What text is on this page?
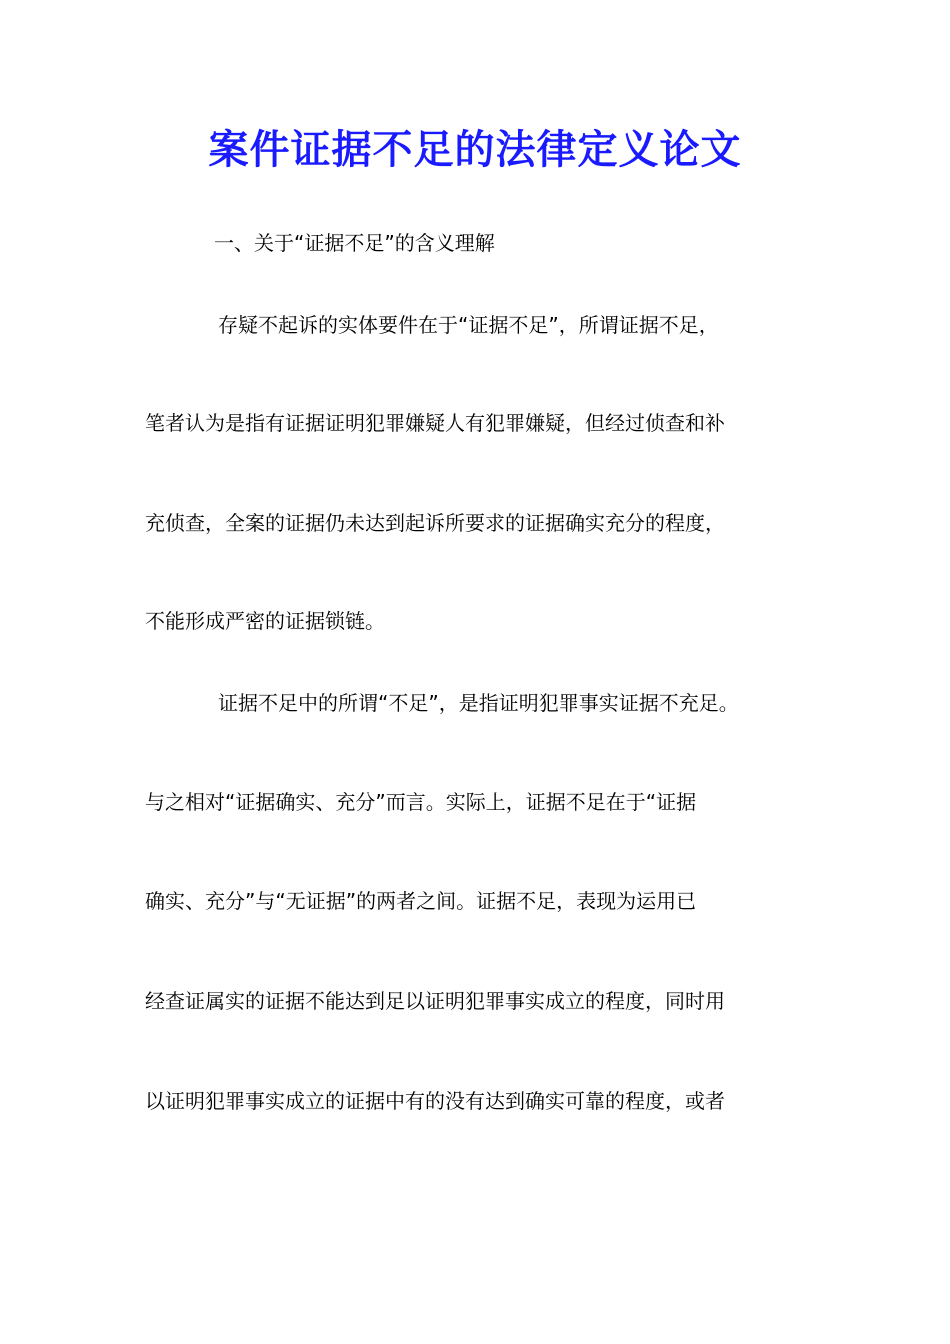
案件证据不足的法律定义论文

一、关于“证据不足”的含义理解

存疑不起诉的实体要件在于“证据不足”，所谓证据不足，

笔者认为是指有证据证明犯罪嫌疑人有犯罪嫌疑，但经过侦查和补

充侦查，全案的证据仍未达到起诉所要求的证据确实充分的程度，

不能形成严密的证据锁链。

证据不足中的所谓“不足”，是指证明犯罪事实证据不充足。

与之相对“证据确实、充分”而言。实际上，证据不足在于“证据

确实、充分”与“无证据”的两者之间。证据不足，表现为运用已

经查证属实的证据不能达到足以证明犯罪事实成立的程度，同时用

以证明犯罪事实成立的证据中有的没有达到确实可靠的程度，或者
